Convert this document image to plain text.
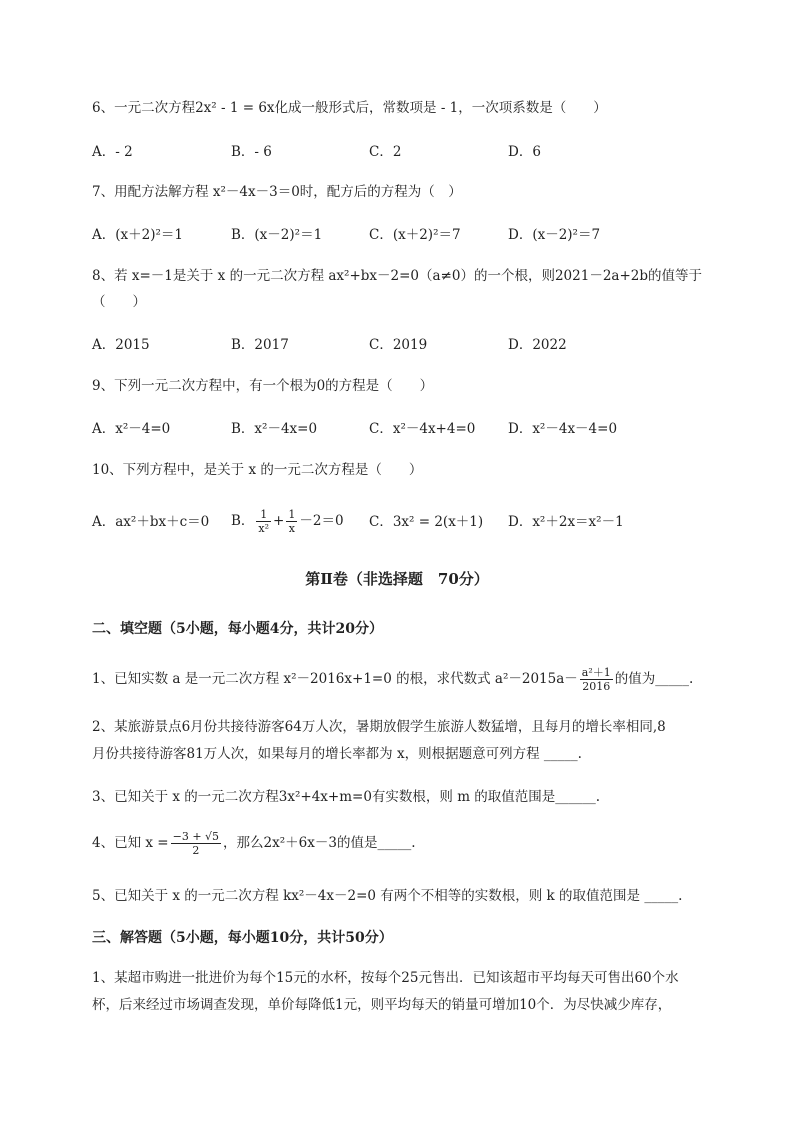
6、一元二次方程2x² - 1 = 6x化成一般形式后，常数项是 - 1，一次项系数是（　　）
A．- 2	B．- 6	C．2	D．6
7、用配方法解方程 x²－4x－3＝0时，配方后的方程为（　）
A．(x＋2)²＝1	B．(x－2)²＝1	C．(x＋2)²＝7	D．(x－2)²＝7
8、若 x=－1是关于 x 的一元二次方程 ax²+bx－2=0（a≠0）的一个根，则2021－2a+2b的值等于
（　　）
A．2015	B．2017	C．2019	D．2022
9、下列一元二次方程中，有一个根为0的方程是（　　）
A．x²－4=0	B．x²－4x=0	C．x²－4x+4=0 D．x²－4x－4=0
10、下列方程中，是关于 x 的一元二次方程是（　　）
A．ax²＋bx＋c＝0 B． $\frac{1}{\text{x²}} + \frac{1}{x} -2=0$ C．3x² = 2(x＋1) D．x²＋2x＝x²－1
第Ⅱ卷（非选择题　70分）
二、填空题（5小题，每小题4分，共计20分）
1、已知实数 a 是一元二次方程 x²－2016x+1=0 的根，求代数式 $a^2-2015a- \frac{\text{a²＋1}}{2016}$ 的值为_____.
2、某旅游景点6月份共接待游客64万人次，暑期放假学生旅游人数猛增，且每月的增长率相同,8
月份共接待游客81万人次，如果每月的增长率都为 x，则根据题意可列方程 _____.
3、已知关于 x 的一元二次方程3x²+4x+m=0有实数根，则 m 的取值范围是______.
4、已知 $x = \frac{-3 + √5}{2}$ ，那么2x²＋6x－3的值是_____.
5、已知关于 x 的一元二次方程 kx²－4x－2=0 有两个不相等的实数根，则 k 的取值范围是 _____.
三、解答题（5小题，每小题10分，共计50分）
1、某超市购进一批进价为每个15元的水杯，按每个25元售出．已知该超市平均每天可售出60个水
杯，后来经过市场调查发现，单价每降低1元，则平均每天的销量可增加10个．为尽快减少库存，
